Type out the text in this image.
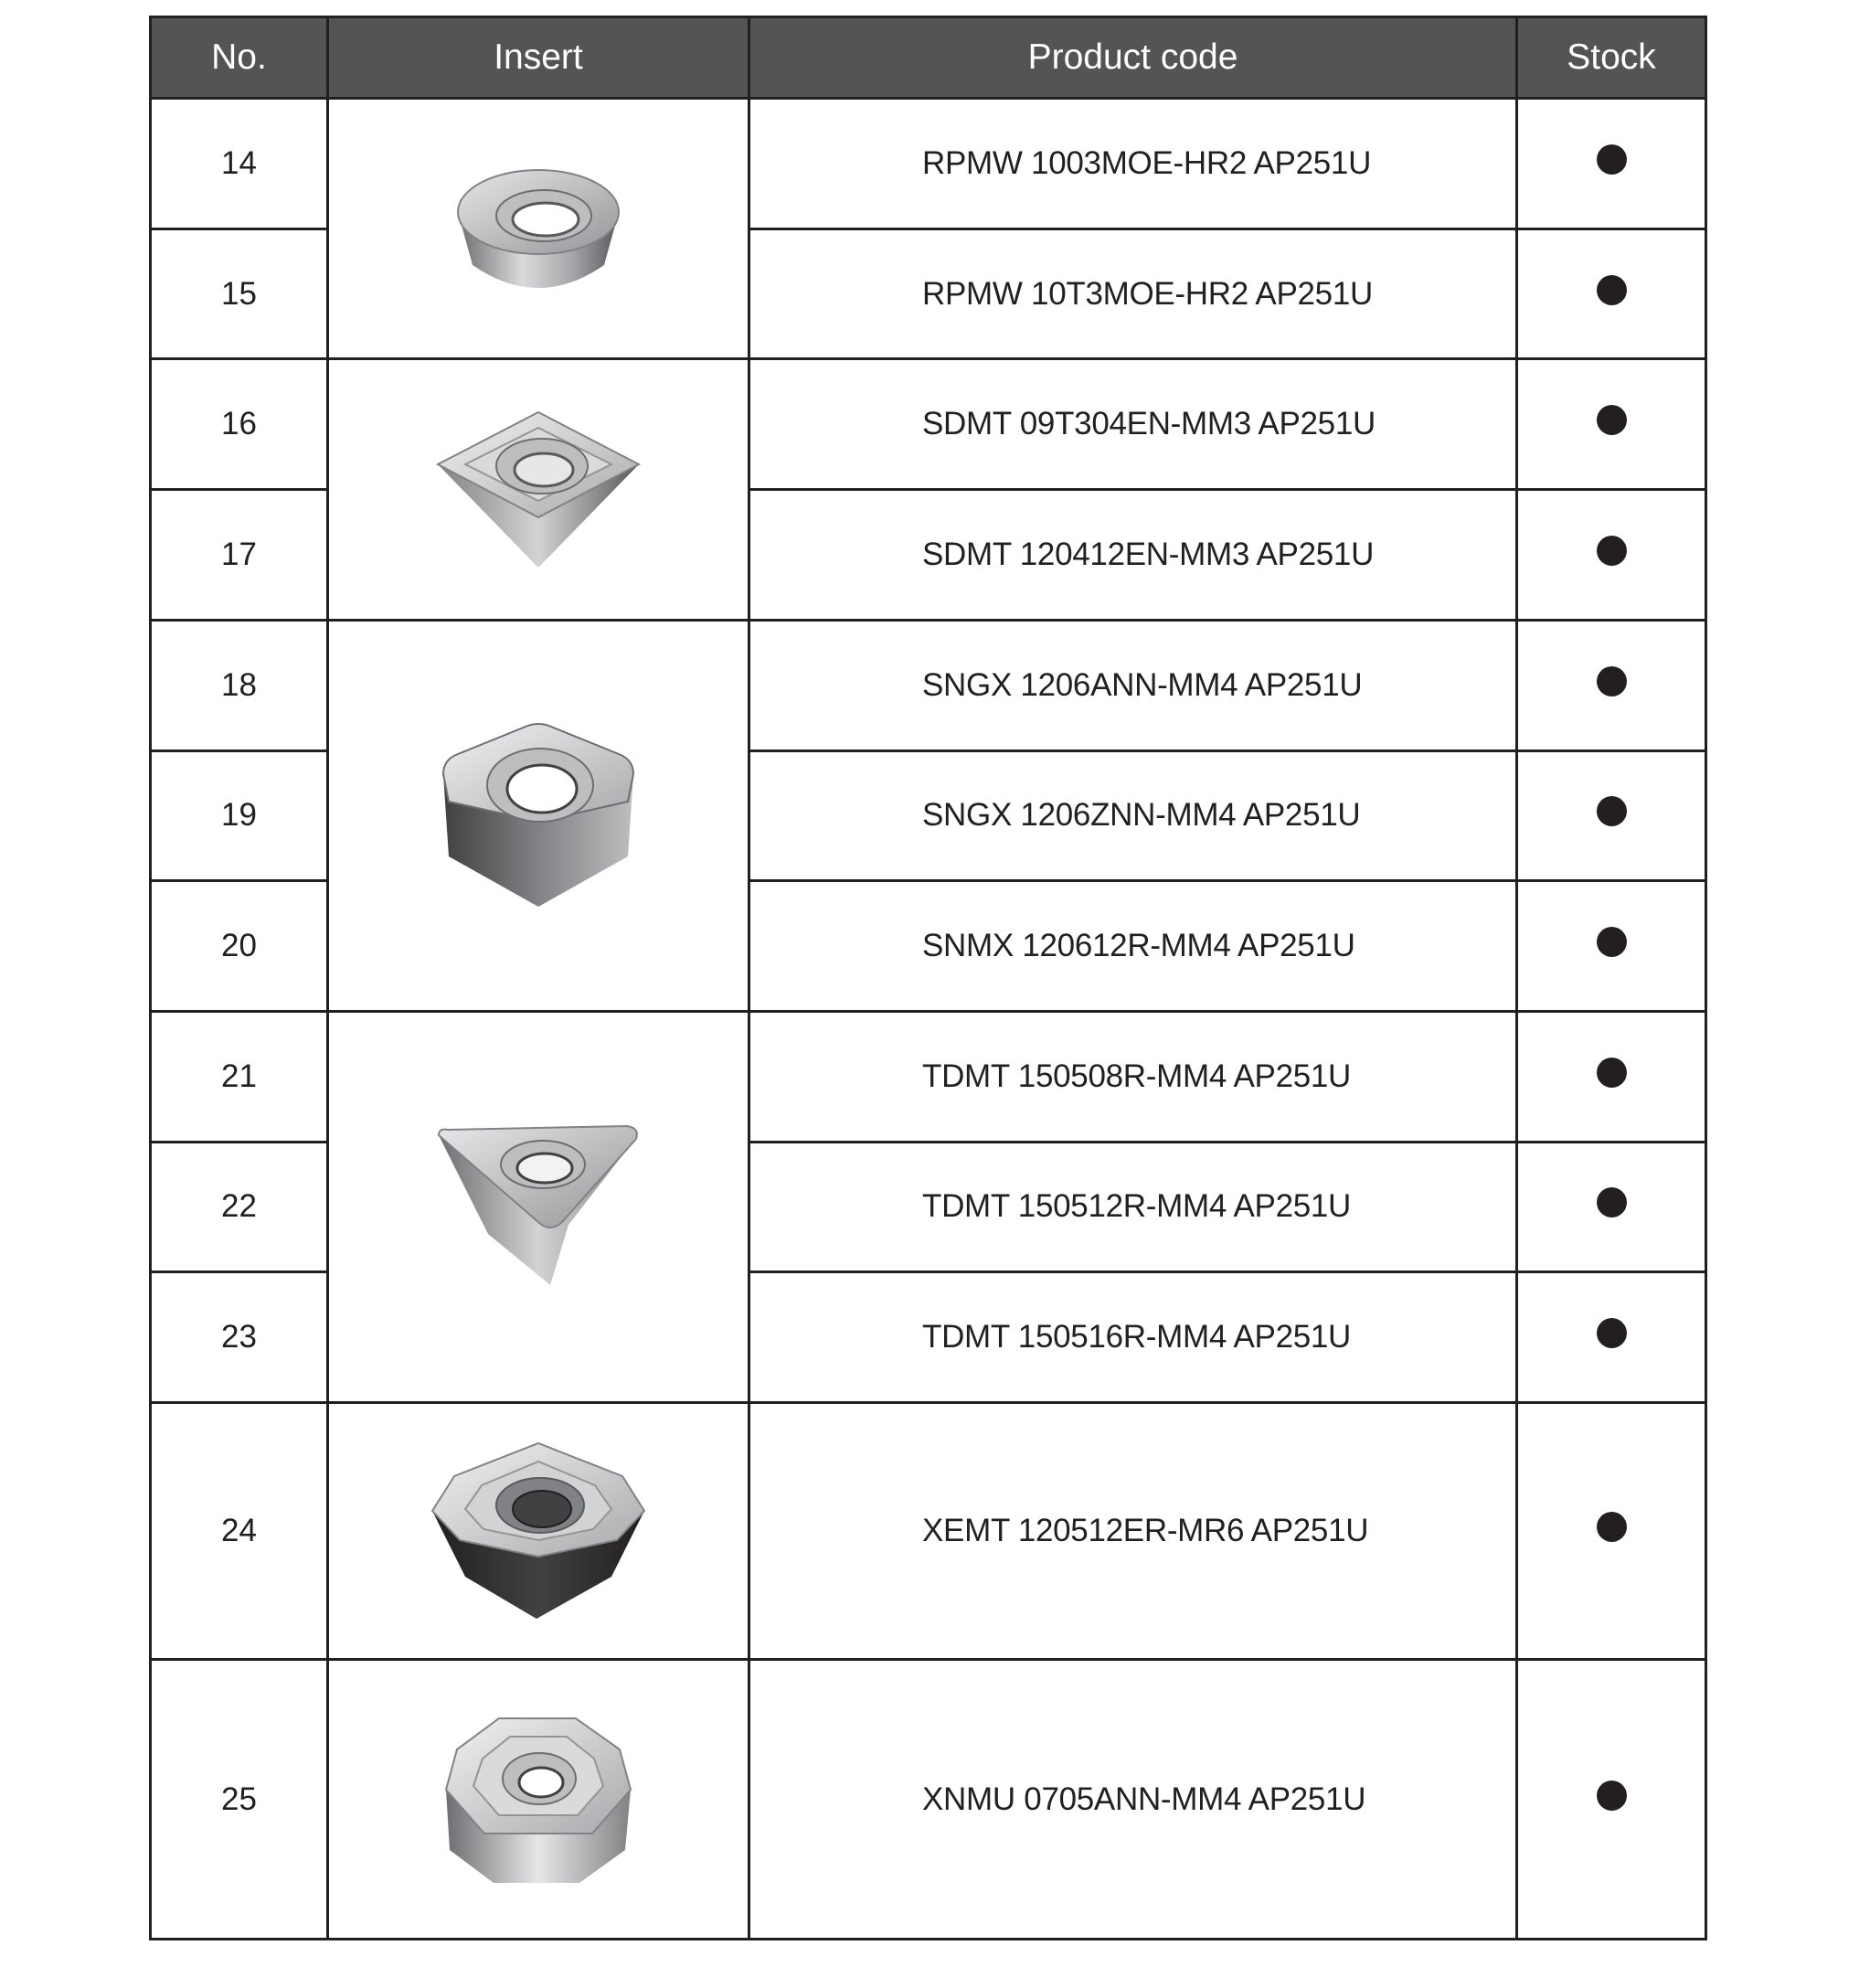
No.	Insert	Product code	Stock
14		RPMW 1003MOE-HR2 AP251U	
15		RPMW 10T3MOE-HR2 AP251U	
16		SDMT 09T304EN-MM3 AP251U	
17		SDMT 120412EN-MM3 AP251U	
18		SNGX 1206ANN-MM4 AP251U	
19		SNGX 1206ZNN-MM4 AP251U	
20		SNMX 120612R-MM4 AP251U	
21		TDMT 150508R-MM4 AP251U	
22		TDMT 150512R-MM4 AP251U	
23		TDMT 150516R-MM4 AP251U	
24		XEMT 120512ER-MR6 AP251U	
25		XNMU 0705ANN-MM4 AP251U	
